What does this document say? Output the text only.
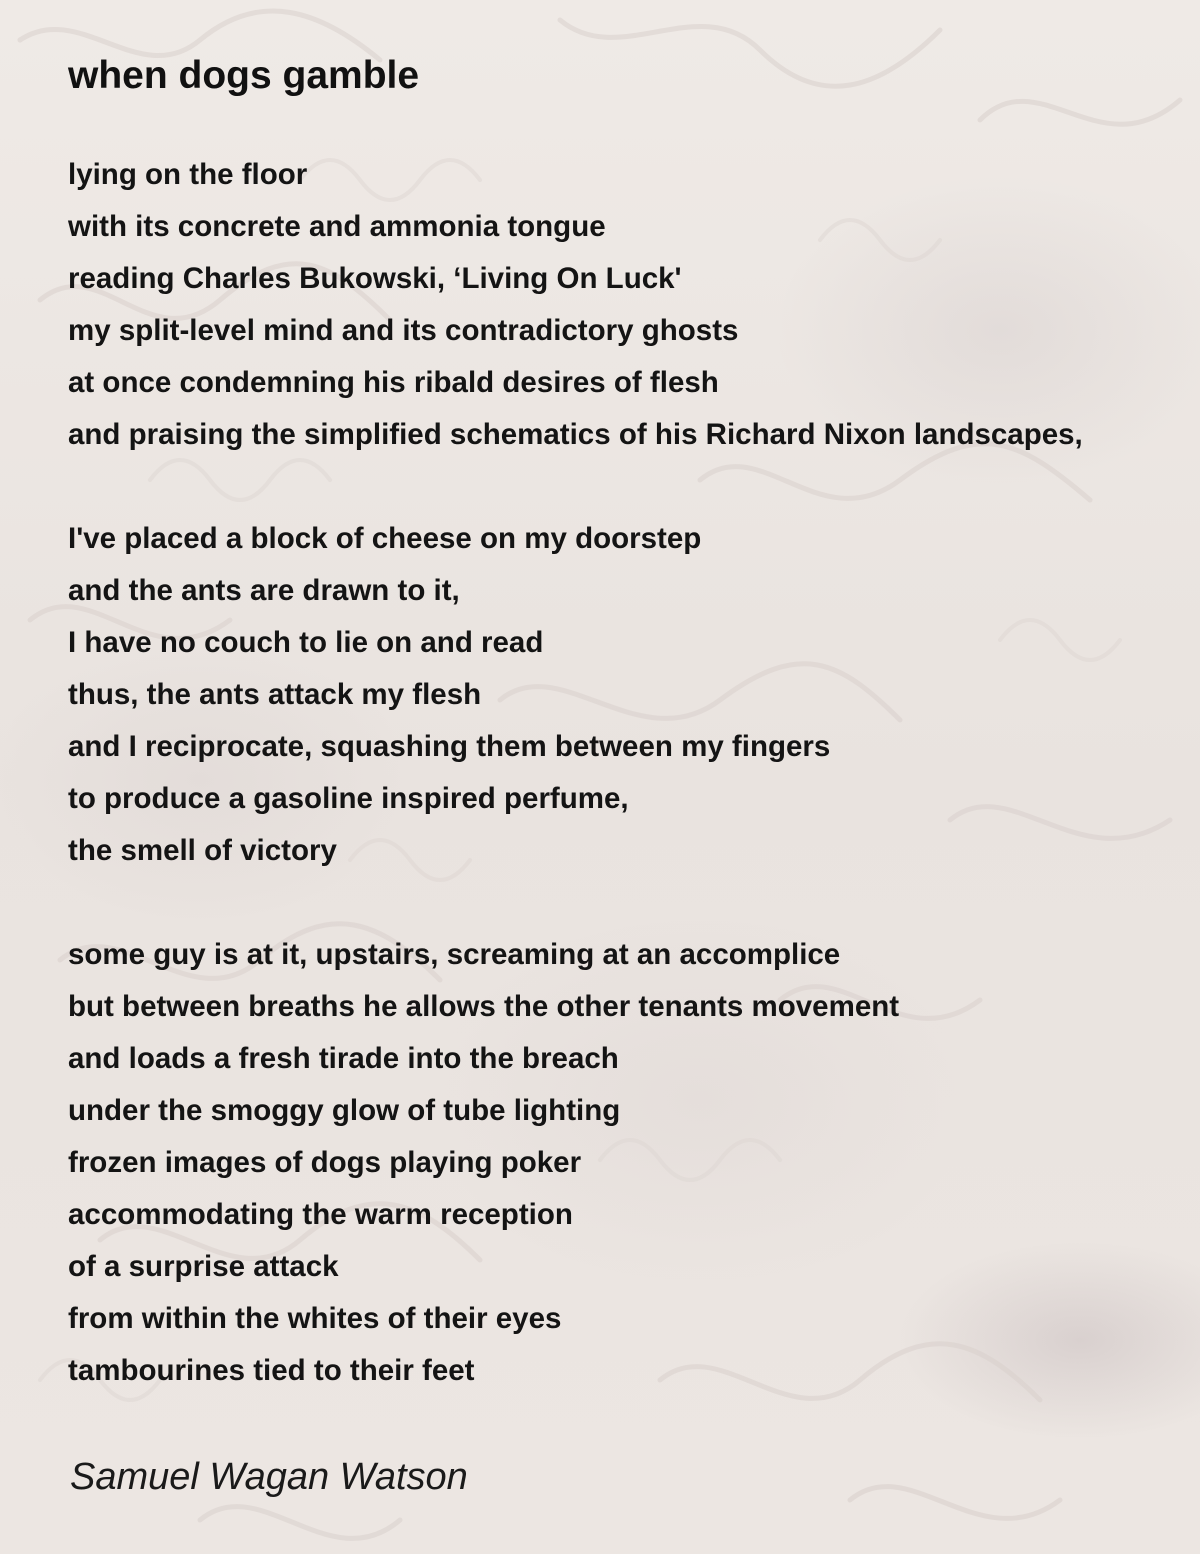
when dogs gamble
lying on the floor
with its concrete and ammonia tongue
reading Charles Bukowski, ‘Living On Luck'
my split-level mind and its contradictory ghosts
at once condemning his ribald desires of flesh
and praising the simplified schematics of his Richard Nixon landscapes,
I've placed a block of cheese on my doorstep
and the ants are drawn to it,
I have no couch to lie on and read
thus, the ants attack my flesh
and I reciprocate, squashing them between my fingers
to produce a gasoline inspired perfume,
the smell of victory
some guy is at it, upstairs, screaming at an accomplice
but between breaths he allows the other tenants movement
and loads a fresh tirade into the breach
under the smoggy glow of tube lighting
frozen images of dogs playing poker
accommodating the warm reception
of a surprise attack
from within the whites of their eyes
tambourines tied to their feet

Samuel Wagan Watson
